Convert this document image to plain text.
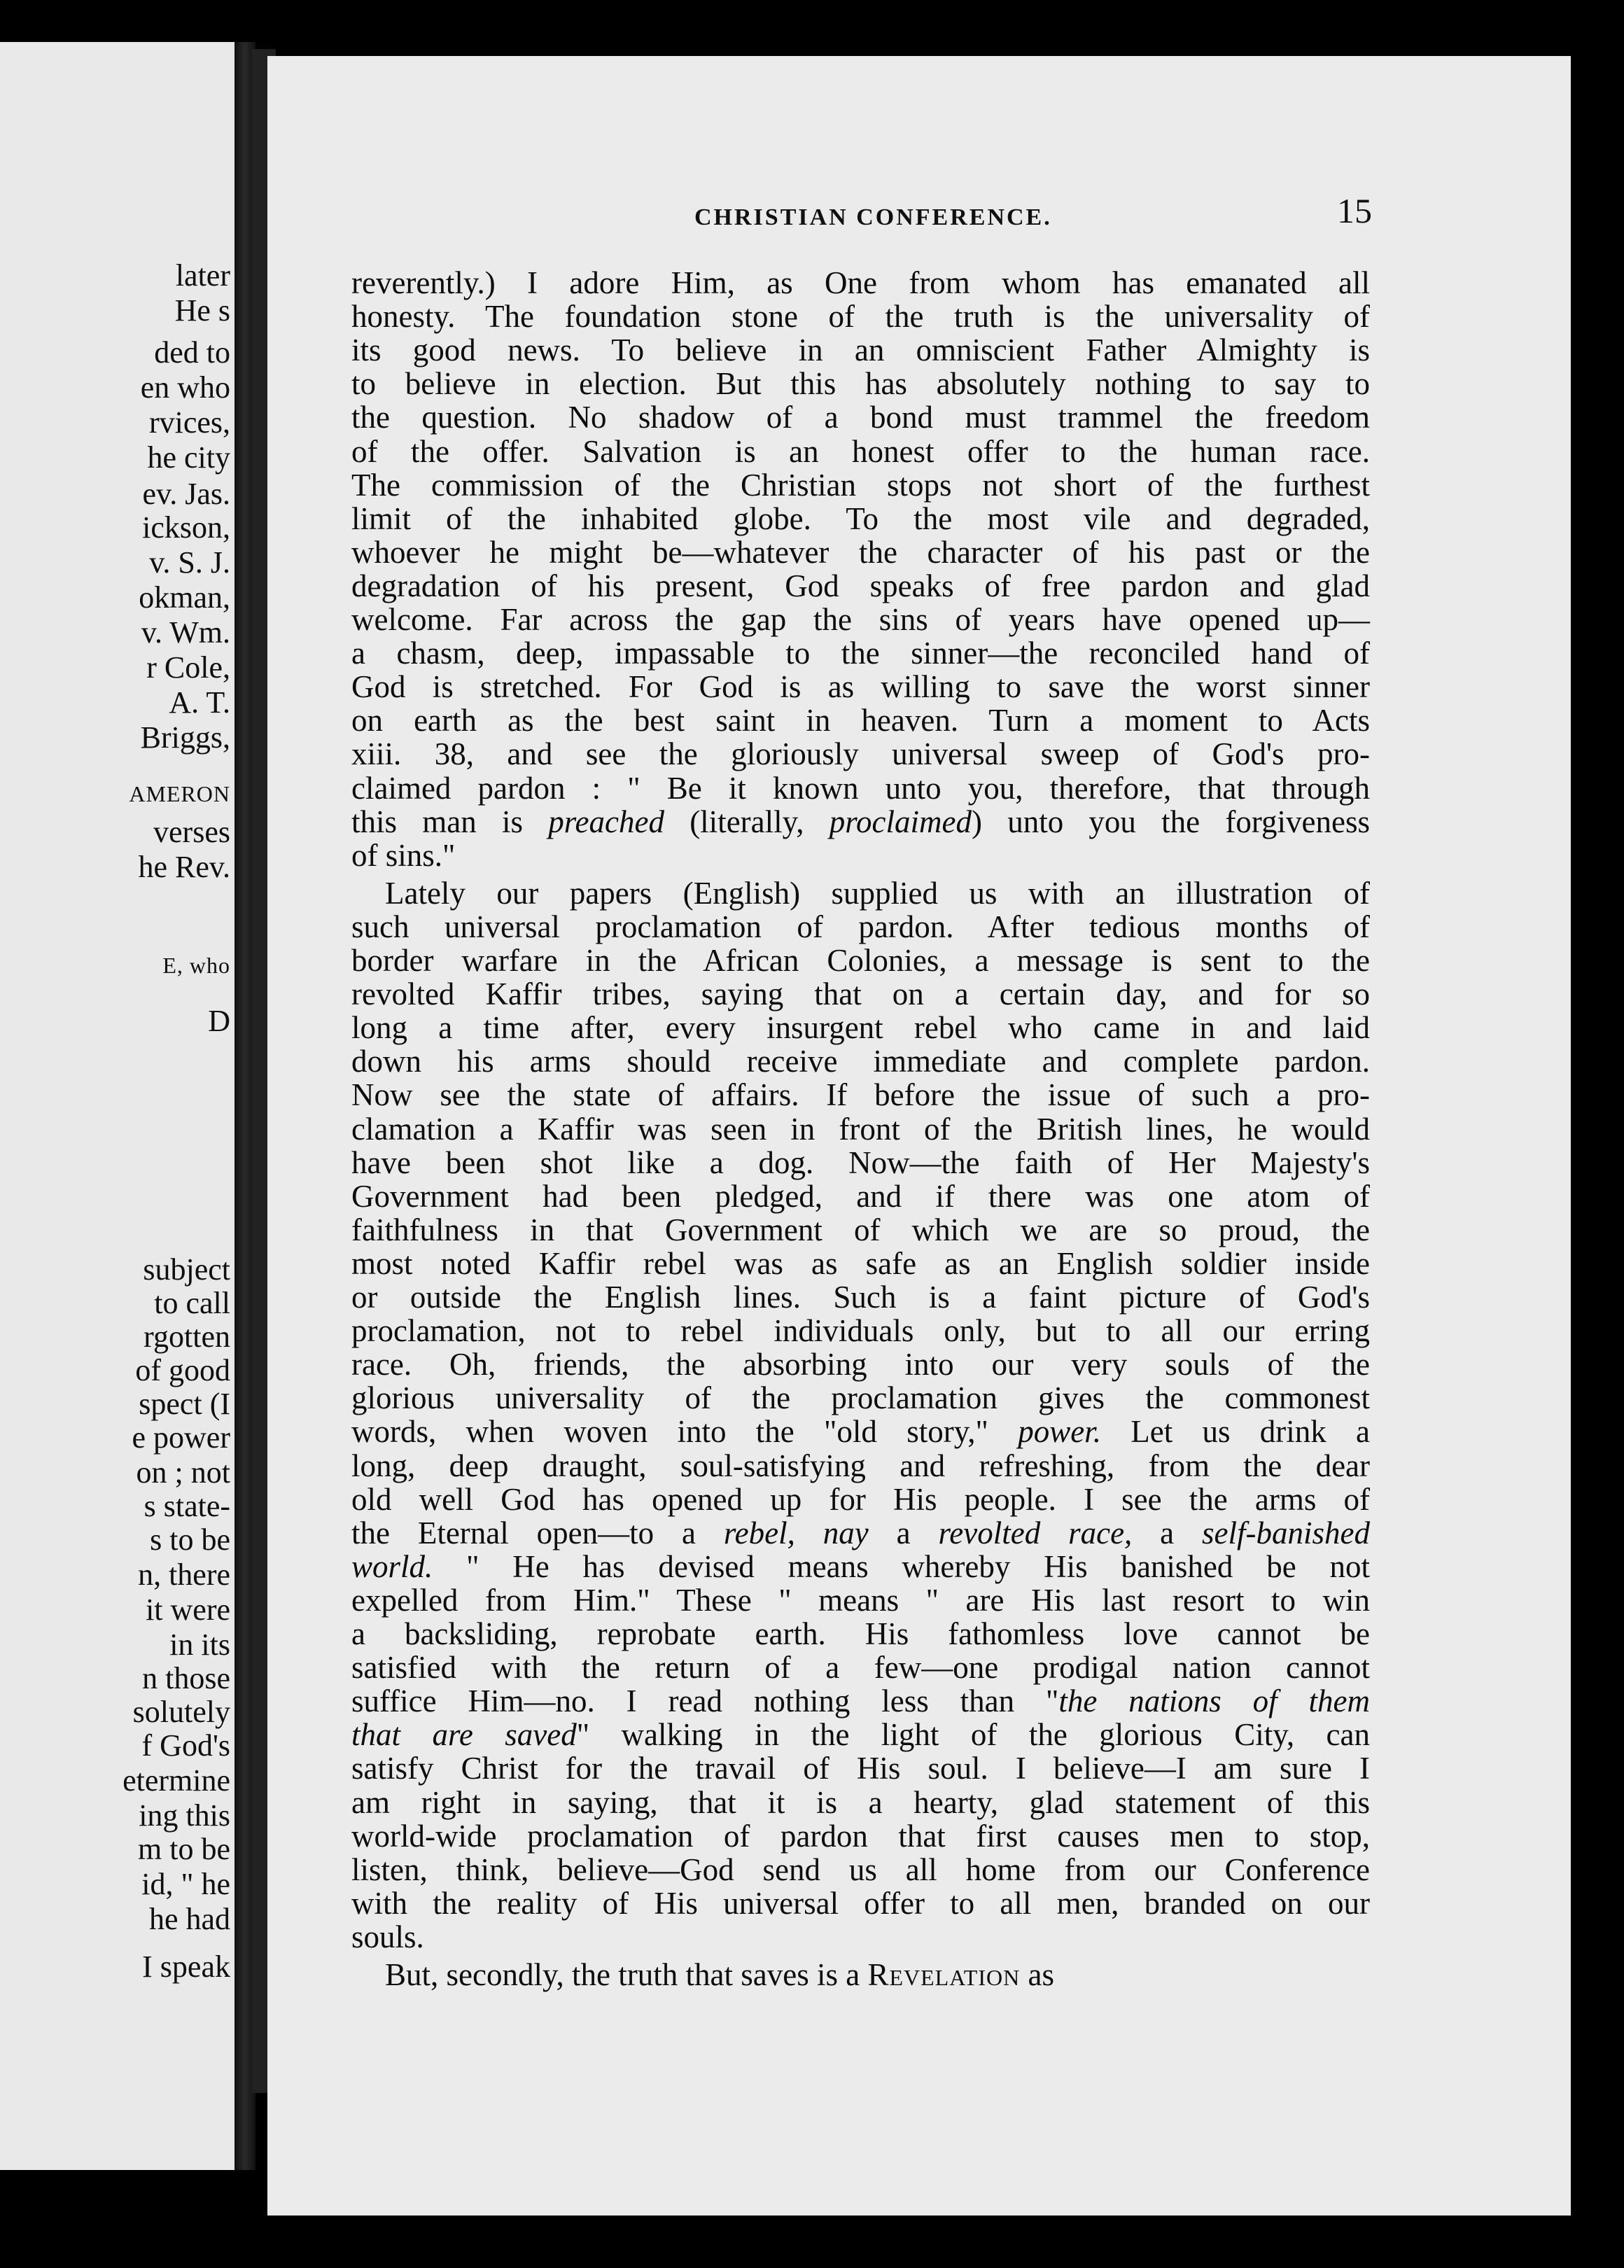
later
He s
ded to
en who
rvices,
he city
ev. Jas.
ickson,
v. S. J.
okman,
v. Wm.
r Cole,
A. T.
Briggs,
AMERON
verses
he Rev.
E, who
D
subject
to call
rgotten
of good
spect (I
e power
on ; not
s state-
s to be
n, there
it were
in its
n those
solutely
f God's
etermine
ing this
m to be
id, " he
he had
I speak
CHRISTIAN CONFERENCE.	15
reverently.) I adore Him, as One from whom has emanated all
honesty. The foundation stone of the truth is the universality of
its good news. To believe in an omniscient Father Almighty is
to believe in election. But this has absolutely nothing to say to
the question. No shadow of a bond must trammel the freedom
of the offer. Salvation is an honest offer to the human race.
The commission of the Christian stops not short of the furthest
limit of the inhabited globe. To the most vile and degraded,
whoever he might be—whatever the character of his past or the
degradation of his present, God speaks of free pardon and glad
welcome. Far across the gap the sins of years have opened up—
a chasm, deep, impassable to the sinner—the reconciled hand of
God is stretched. For God is as willing to save the worst sinner
on earth as the best saint in heaven. Turn a moment to Acts
xiii. 38, and see the gloriously universal sweep of God's pro-
claimed pardon : " Be it known unto you, therefore, that through
this man is preached (literally, proclaimed) unto you the forgiveness
of sins."
Lately our papers (English) supplied us with an illustration of
such universal proclamation of pardon. After tedious months of
border warfare in the African Colonies, a message is sent to the
revolted Kaffir tribes, saying that on a certain day, and for so
long a time after, every insurgent rebel who came in and laid
down his arms should receive immediate and complete pardon.
Now see the state of affairs. If before the issue of such a pro-
clamation a Kaffir was seen in front of the British lines, he would
have been shot like a dog. Now—the faith of Her Majesty's
Government had been pledged, and if there was one atom of
faithfulness in that Government of which we are so proud, the
most noted Kaffir rebel was as safe as an English soldier inside
or outside the English lines. Such is a faint picture of God's
proclamation, not to rebel individuals only, but to all our erring
race. Oh, friends, the absorbing into our very souls of the
glorious universality of the proclamation gives the commonest
words, when woven into the "old story," power. Let us drink a
long, deep draught, soul-satisfying and refreshing, from the dear
old well God has opened up for His people. I see the arms of
the Eternal open—to a rebel, nay a revolted race, a self-banished
world. " He has devised means whereby His banished be not
expelled from Him." These " means " are His last resort to win
a backsliding, reprobate earth. His fathomless love cannot be
satisfied with the return of a few—one prodigal nation cannot
suffice Him—no. I read nothing less than "the nations of them
that are saved" walking in the light of the glorious City, can
satisfy Christ for the travail of His soul. I believe—I am sure I
am right in saying, that it is a hearty, glad statement of this
world-wide proclamation of pardon that first causes men to stop,
listen, think, believe—God send us all home from our Conference
with the reality of His universal offer to all men, branded on our
souls.
But, secondly, the truth that saves is a Revelation as
